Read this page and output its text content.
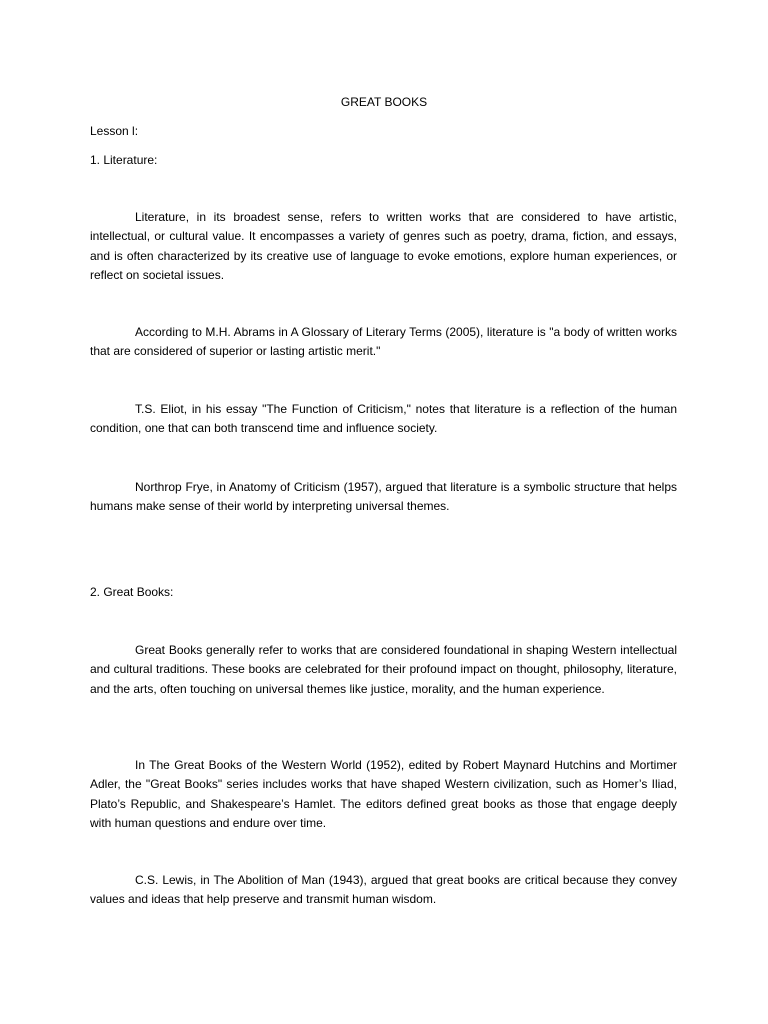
GREAT BOOKS
Lesson l:
1. Literature:
Literature, in its broadest sense, refers to written works that are considered to have artistic, intellectual, or cultural value. It encompasses a variety of genres such as poetry, drama, fiction, and essays, and is often characterized by its creative use of language to evoke emotions, explore human experiences, or reflect on societal issues.
According to M.H. Abrams in A Glossary of Literary Terms (2005), literature is "a body of written works that are considered of superior or lasting artistic merit."
T.S. Eliot, in his essay "The Function of Criticism," notes that literature is a reflection of the human condition, one that can both transcend time and influence society.
Northrop Frye, in Anatomy of Criticism (1957), argued that literature is a symbolic structure that helps humans make sense of their world by interpreting universal themes.
2. Great Books:
Great Books generally refer to works that are considered foundational in shaping Western intellectual and cultural traditions. These books are celebrated for their profound impact on thought, philosophy, literature, and the arts, often touching on universal themes like justice, morality, and the human experience.
In The Great Books of the Western World (1952), edited by Robert Maynard Hutchins and Mortimer Adler, the "Great Books" series includes works that have shaped Western civilization, such as Homer’s Iliad, Plato’s Republic, and Shakespeare’s Hamlet. The editors defined great books as those that engage deeply with human questions and endure over time.
C.S. Lewis, in The Abolition of Man (1943), argued that great books are critical because they convey values and ideas that help preserve and transmit human wisdom.
